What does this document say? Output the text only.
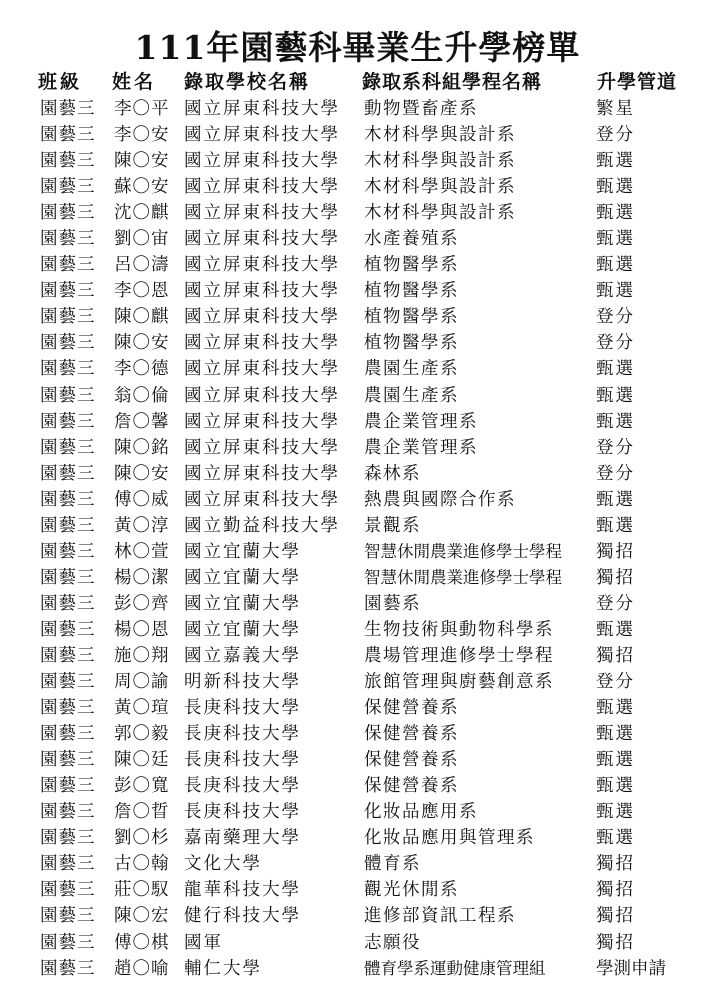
111年園藝科畢業生升學榜單
班級 姓名 錄取學校名稱	錄取系科組學程名稱	升學管道
園藝三 李〇平 國立屏東科技大學 動物暨畜產系	繁星
園藝三 李〇安 國立屏東科技大學 木材科學與設計系	登分
園藝三 陳〇安 國立屏東科技大學 木材科學與設計系	甄選
園藝三 蘇〇安 國立屏東科技大學 木材科學與設計系	甄選
園藝三 沈〇麒 國立屏東科技大學 木材科學與設計系	甄選
園藝三 劉〇宙 國立屏東科技大學 水產養殖系	甄選
園藝三 呂〇濤 國立屏東科技大學 植物醫學系	甄選
園藝三 李〇恩 國立屏東科技大學 植物醫學系	甄選
園藝三 陳〇麒 國立屏東科技大學 植物醫學系	登分
園藝三 陳〇安 國立屏東科技大學 植物醫學系	登分
園藝三 李〇德 國立屏東科技大學 農園生產系	甄選
園藝三 翁〇倫 國立屏東科技大學 農園生產系	甄選
園藝三 詹〇馨 國立屏東科技大學 農企業管理系	甄選
園藝三 陳〇銘 國立屏東科技大學 農企業管理系	登分
園藝三 陳〇安 國立屏東科技大學 森林系	登分
園藝三 傅〇威 國立屏東科技大學 熱農與國際合作系	甄選
園藝三 黃〇淳 國立勤益科技大學 景觀系	甄選
園藝三 林〇萱 國立宜蘭大學	智慧休閒農業進修學士學程 獨招
園藝三 楊〇潔 國立宜蘭大學	智慧休閒農業進修學士學程 獨招
園藝三 彭〇齊 國立宜蘭大學	園藝系	登分
園藝三 楊〇恩 國立宜蘭大學	生物技術與動物科學系 甄選
園藝三 施〇翔 國立嘉義大學	農場管理進修學士學程 獨招
園藝三 周〇諭 明新科技大學	旅館管理與廚藝創意系 登分
園藝三 黃〇瑄 長庚科技大學	保健營養系	甄選
園藝三 郭〇毅 長庚科技大學	保健營養系	甄選
園藝三 陳〇廷 長庚科技大學	保健營養系	甄選
園藝三 彭〇寬 長庚科技大學	保健營養系	甄選
園藝三 詹〇晢 長庚科技大學	化妝品應用系	甄選
園藝三 劉〇杉 嘉南藥理大學	化妝品應用與管理系	甄選
園藝三 古〇翰 文化大學	體育系	獨招
園藝三 莊〇馭 龍華科技大學	觀光休閒系	獨招
園藝三 陳〇宏 健行科技大學	進修部資訊工程系	獨招
園藝三 傅〇棋 國軍	志願役	獨招
園藝三 趙〇喻 輔仁大學	體育學系運動健康管理組	學測申請
